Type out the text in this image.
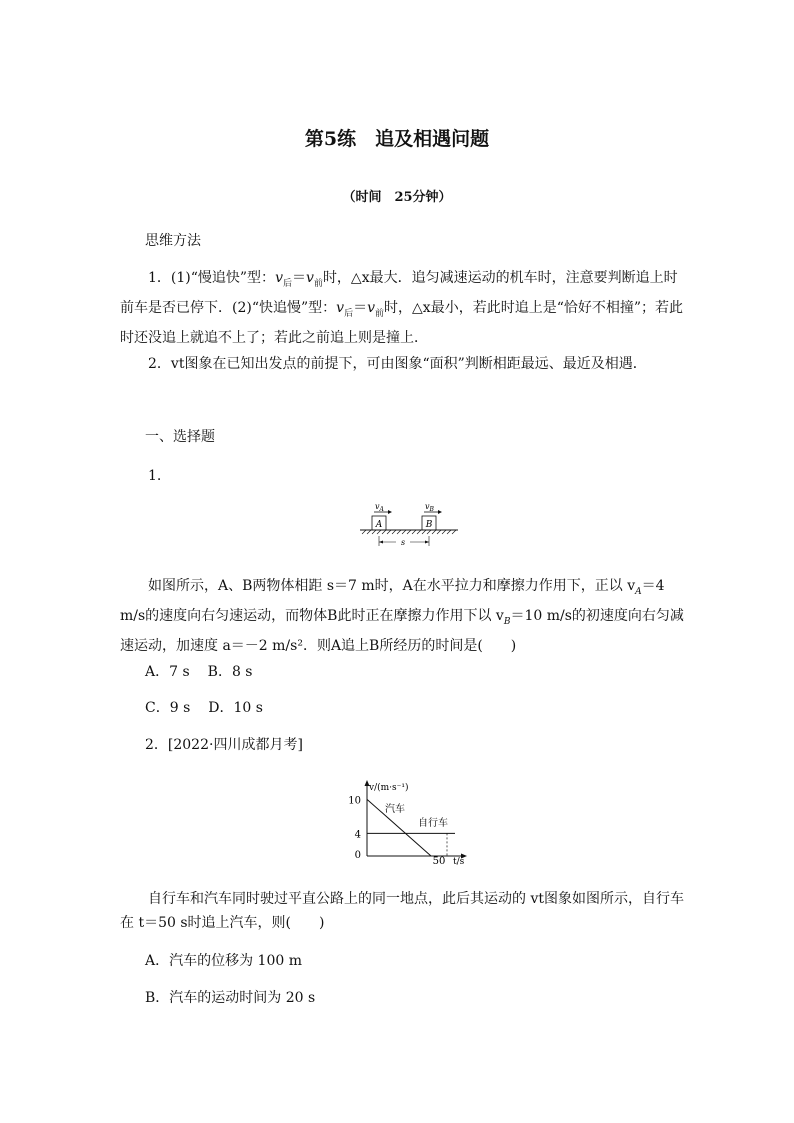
第5练　追及相遇问题
（时间　25分钟）
思维方法
1．(1)“慢追快”型：$v_后=v_前$时，△x最大．追匀减速运动的机车时，注意要判断追上时前车是否已停下．(2)“快追慢”型：$v_后=v_前$时，△x最小，若此时追上是“恰好不相撞”；若此时还没追上就追不上了；若此之前追上则是撞上．
2．vt图象在已知出发点的前提下，可由图象“面积”判断相距最远、最近及相遇．
一、选择题
1.
$v_A$	$v_B$
A	B
s
如图所示，A、B两物体相距 s＝7 m时，A在水平拉力和摩擦力作用下，正以 $v_A=4$ m/s的速度向右匀速运动，而物体B此时正在摩擦力作用下以 $v_B=10$ m/s的初速度向右匀减速运动，加速度 a＝－2 m/s²．则A追上B所经历的时间是(　　)
A．7 s B．8 s
C．9 s D．10 s
2．[2022·四川成都月考]
v/(m·s⁻¹)
t/s
10
4
0
50
汽车
自行车
自行车和汽车同时驶过平直公路上的同一地点，此后其运动的 vt图象如图所示，自行车在 t＝50 s时追上汽车，则(　　)
A．汽车的位移为 100 m
B．汽车的运动时间为 20 s
